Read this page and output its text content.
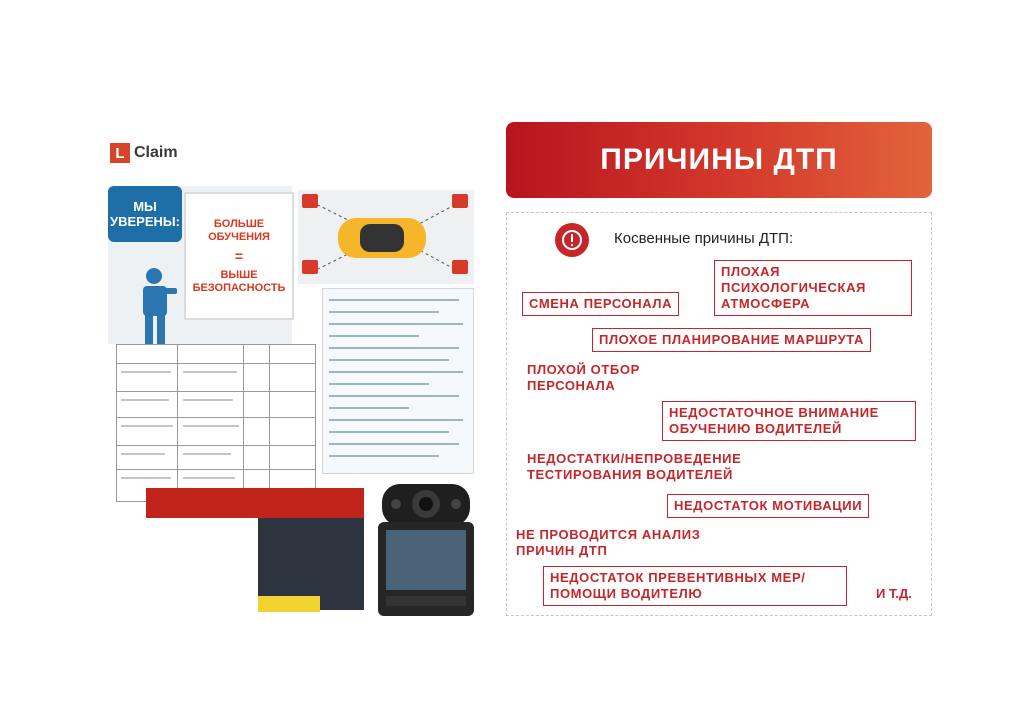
L Claim
МЫ УВЕРЕНЫ:	БОЛЬШЕ ОБУЧЕНИЯ
=
ВЫШЕ БЕЗОПАСНОСТЬ
ПРИЧИНЫ ДТП
Косвенные причины ДТП:
ПЛОХАЯ ПСИХОЛОГИЧЕСКАЯ АТМОСФЕРА
СМЕНА ПЕРСОНАЛА
ПЛОХОЕ ПЛАНИРОВАНИЕ МАРШРУТА
ПЛОХОЙ ОТБОР ПЕРСОНАЛА
НЕДОСТАТОЧНОЕ ВНИМАНИЕ ОБУЧЕНИЮ ВОДИТЕЛЕЙ
НЕДОСТАТКИ/НЕПРОВЕДЕНИЕ ТЕСТИРОВАНИЯ ВОДИТЕЛЕЙ
НЕДОСТАТОК МОТИВАЦИИ
НЕ ПРОВОДИТСЯ АНАЛИЗ ПРИЧИН ДТП
НЕДОСТАТОК ПРЕВЕНТИВНЫХ МЕР/ ПОМОЩИ ВОДИТЕЛЮ	И Т.Д.
